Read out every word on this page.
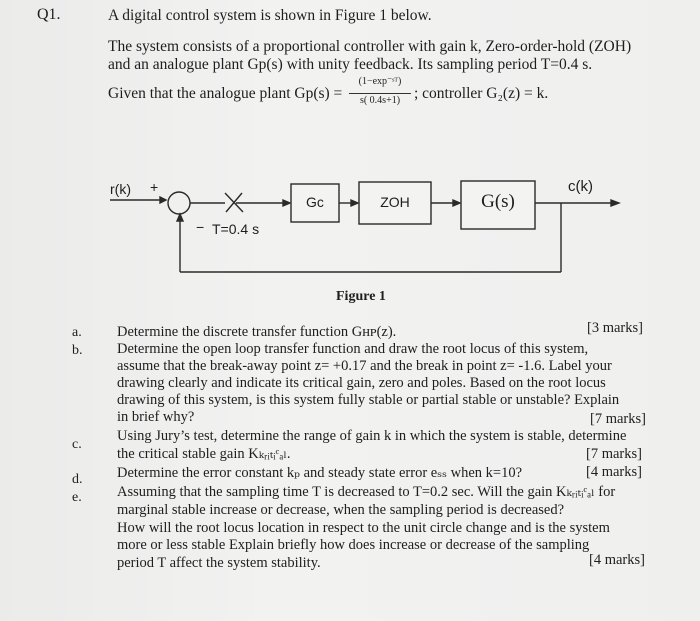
Q1.	A digital control system is shown in Figure 1 below.
The system consists of a proportional controller with gain k, Zero-order-hold (ZOH)
and an analogue plant Gp(s) with unity feedback. Its sampling period T=0.4 s.
Given that the analogue plant Gp(s) =
(1−exp⁻ˢᵀ)
s( 0.4s+1) ; controller G₂(z) = k.
r(k) +
− T=0.4 s
Gc	ZOH	G(s)
c(k)
Figure 1
a. Determine the discrete transfer function Gʜᴘ(z).	[3 marks]
b. Determine the open loop transfer function and draw the root locus of this system,
assume that the break-away point z= +0.17 and the break in point z= -1.6. Label your
drawing clearly and indicate its critical gain, zero and poles. Based on the root locus
drawing of this system, is this system fully stable or partial stable or unstable? Explain
in brief why?	[7 marks]
c.
Using Jury’s test, determine the range of gain k in which the system is stable, determine
the critical stable gain Kₖᵣᵢₜᵢᶜₐₗ.	[7 marks]
d. Determine the error constant kₚ and steady state error eₛₛ when k=10?	[4 marks]
e. Assuming that the sampling time T is decreased to T=0.2 sec. Will the gain Kₖᵣᵢₜᵢᶜₐₗ for
marginal stable increase or decrease, when the sampling period is decreased?
How will the root locus location in respect to the unit circle change and is the system
more or less stable Explain briefly how does increase or decrease of the sampling
period T affect the system stability.	[4 marks]
